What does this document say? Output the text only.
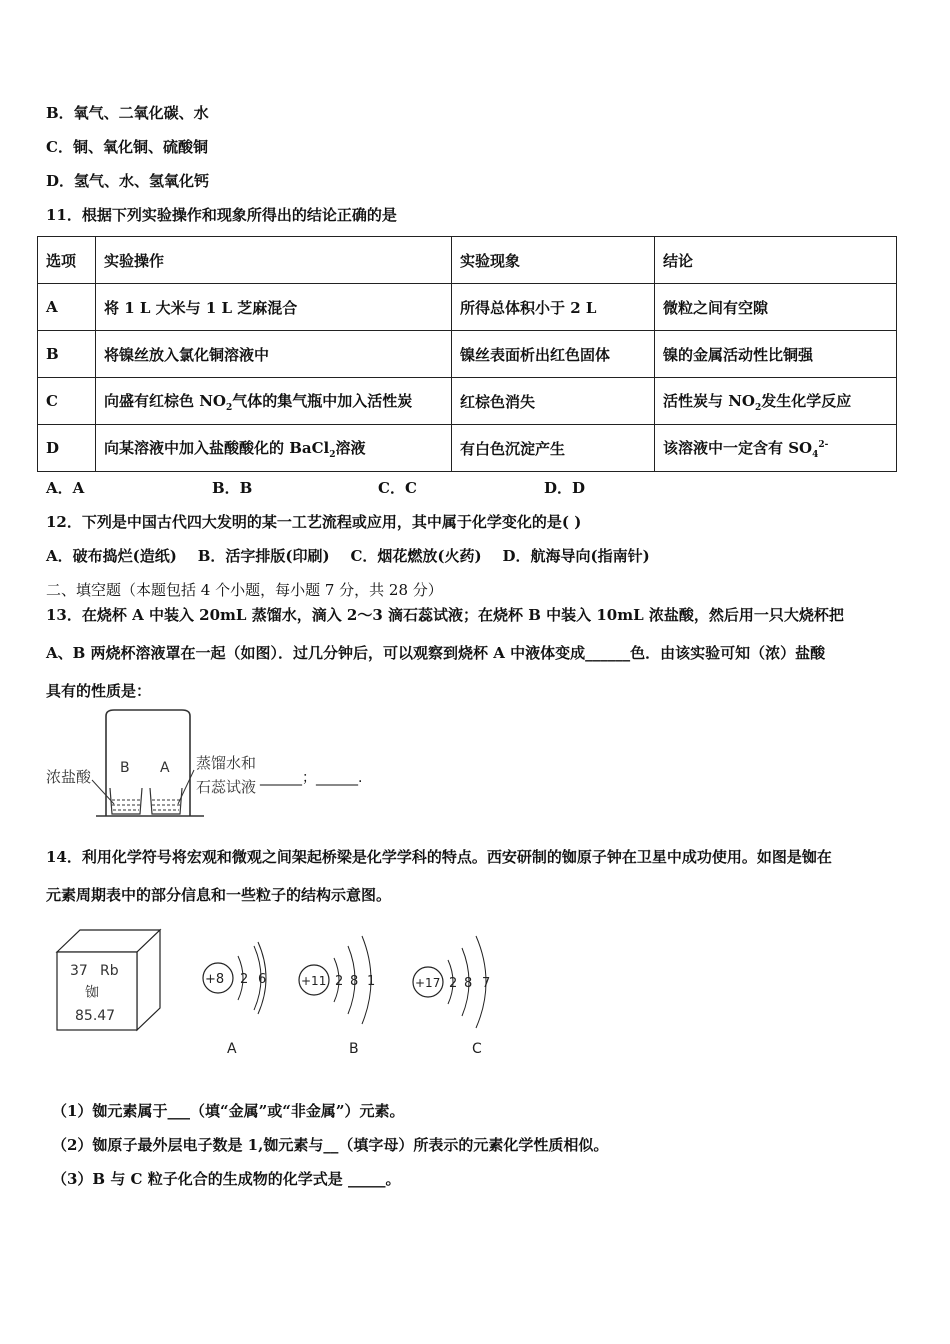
B．氧气、二氧化碳、水
C．铜、氧化铜、硫酸铜
D．氢气、水、氢氧化钙
11．根据下列实验操作和现象所得出的结论正确的是
选项	实验操作	实验现象	结论
A	将 1 L 大米与 1 L 芝麻混合	所得总体积小于 2 L	微粒之间有空隙
B	将镍丝放入氯化铜溶液中	镍丝表面析出红色固体	镍的金属活动性比铜强
C	向盛有红棕色 $NO_2$气体的集气瓶中加入活性炭	红棕色消失	活性炭与 $NO_2$发生化学反应
D	向某溶液中加入盐酸酸化的 BaCl$_2$溶液	有白色沉淀产生	该溶液中一定含有 $SO_4^{2-}$
A．A	B．B	C．C	D．D
12．下列是中国古代四大发明的某一工艺流程或应用，其中属于化学变化的是( )
A．破布捣烂(造纸)    B．活字排版(印刷)    C．烟花燃放(火药)    D．航海导向(指南针)
二、填空题（本题包括 4 个小题，每小题 7 分，共 28 分）
13．在烧杯 A 中装入 20mL 蒸馏水，滴入 2～3 滴石蕊试液；在烧杯 B 中装入 10mL 浓盐酸，然后用一只大烧杯把
A、B 两烧杯溶液罩在一起（如图）．过几分钟后，可以观察到烧杯 A 中液体变成______色．由该实验可知（浓）盐酸
具有的性质是：
浓盐酸 B A 蒸馏水和
石蕊试液 ______；______.
14．利用化学符号将宏观和微观之间架起桥梁是化学学科的特点。西安研制的铷原子钟在卫星中成功使用。如图是铷在
元素周期表中的部分信息和一些粒子的结构示意图。
37 Rb
铷
85.47
+8 2 6
A
+11 2 8 1
B
+17 2 8 7
C
（1）铷元素属于___（填“金属”或“非金属”）元素。
（2）铷原子最外层电子数是 1,铷元素与__（填字母）所表示的元素化学性质相似。
（3）B 与 C 粒子化合的生成物的化学式是 _____。
